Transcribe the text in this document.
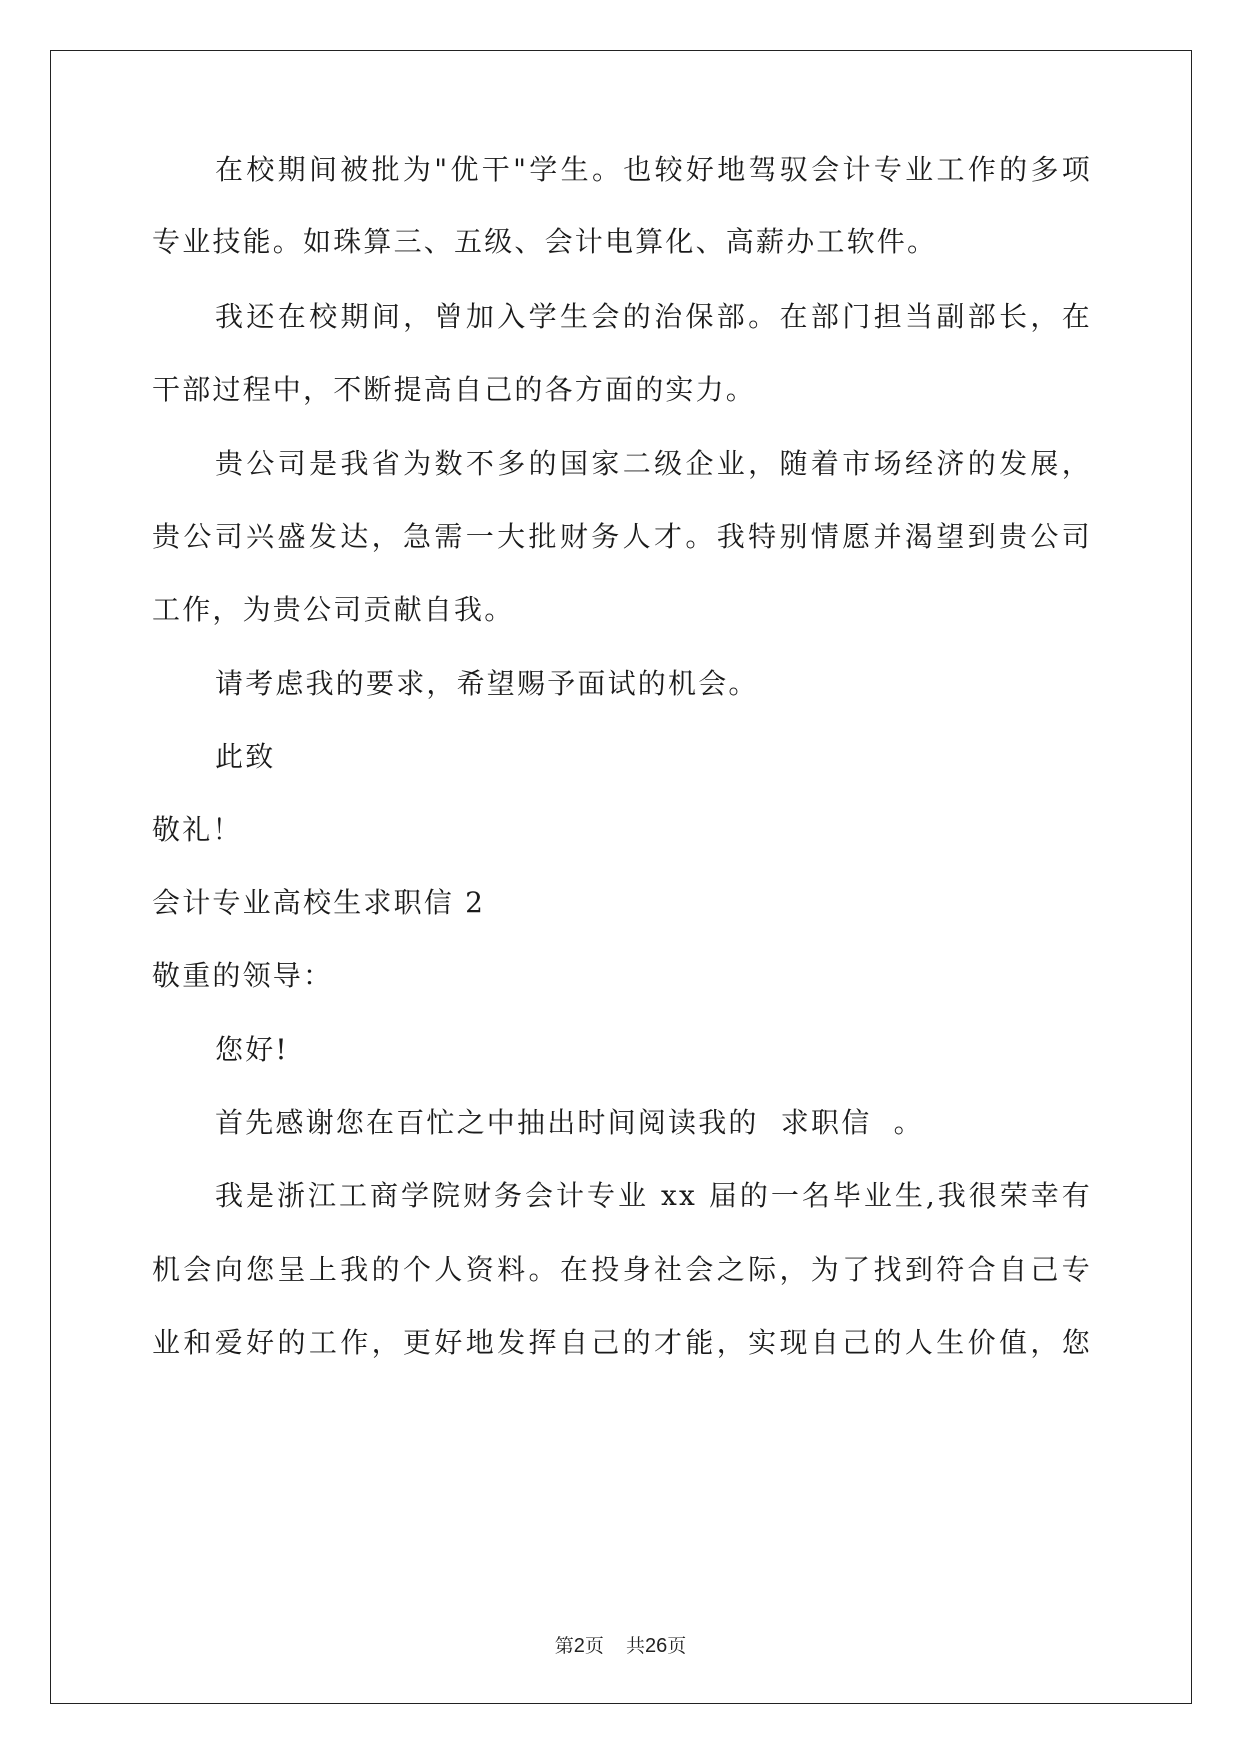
在校期间被批为"优干"学生。也较好地驾驭会计专业工作的多项
专业技能。如珠算三、五级、会计电算化、高薪办工软件。
我还在校期间，曾加入学生会的治保部。在部门担当副部长，在
干部过程中，不断提高自己的各方面的实力。
贵公司是我省为数不多的国家二级企业，随着市场经济的发展，
贵公司兴盛发达，急需一大批财务人才。我特别情愿并渴望到贵公司
工作，为贵公司贡献自我。
请考虑我的要求，希望赐予面试的机会。
此致
敬礼！
会计专业高校生求职信 2
敬重的领导：
您好!
首先感谢您在百忙之中抽出时间阅读我的  求职信  。
我是浙江工商学院财务会计专业 xx 届的一名毕业生,我很荣幸有
机会向您呈上我的个人资料。在投身社会之际，为了找到符合自己专
业和爱好的工作，更好地发挥自己的才能，实现自己的人生价值，您
第2页 共26页
